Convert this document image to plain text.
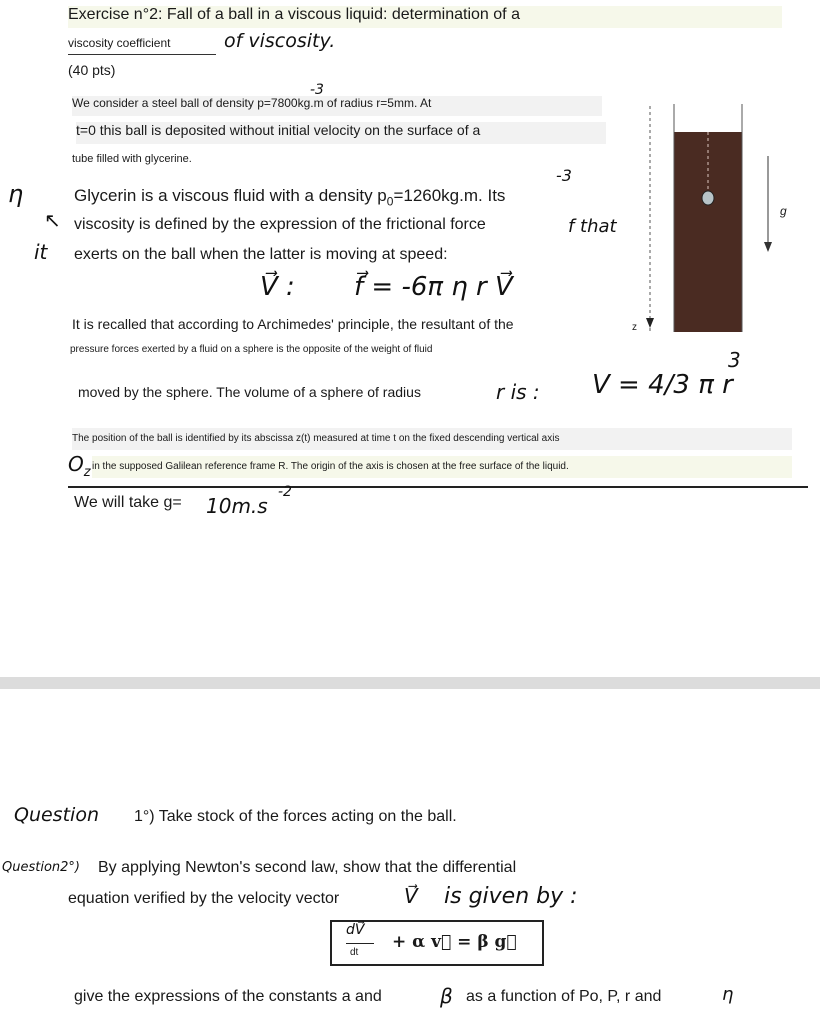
Exercise n°2: Fall of a ball in a viscous liquid: determination of a
viscosity coefficient	of viscosity.
(40 pts)
We consider a steel ball of density p=7800kg.m of radius r=5mm. At
-3
t=0 this ball is deposited without initial velocity on the surface of a
tube filled with glycerine.
η
↖
it
Glycerin is a viscous fluid with a density $p_0=1260kg.m$. Its
-3
viscosity is defined by the expression of the frictional force	f that
exerts on the ball when the latter is moving at speed:
V⃗ : f⃗ = -6π η r V⃗
It is recalled that according to Archimedes' principle, the resultant of the
pressure forces exerted by a fluid on a sphere is the opposite of the weight of fluid
moved by the sphere. The volume of a sphere of radius	r is : V = 4/3 π r
3
The position of the ball is identified by its abscissa z(t) measured at time t on the fixed descending vertical axis
$O_z$ in the supposed Galilean reference frame R. The origin of the axis is chosen at the free surface of the liquid.
We will take g= 10m.s
-2
z
g
Question 1°) Take stock of the forces acting on the ball.
Question2°) By applying Newton's second law, show that the differential
equation verified by the velocity vector	V⃗ is given by :
dV⃗
dt
+ α v⃗ = β g⃗
give the expressions of the constants a and	β as a function of Po, P, r and	η
